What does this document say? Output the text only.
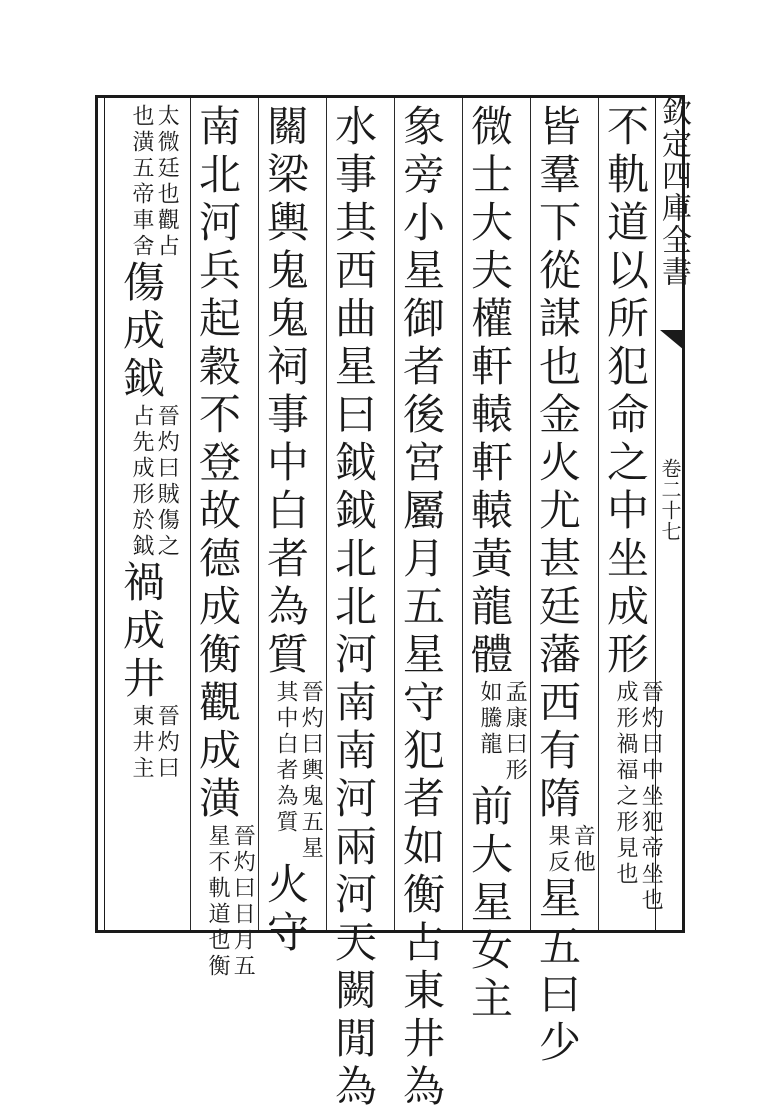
欽定四庫全書
卷二十七
不軌道以所犯命之中坐成形晉灼曰中坐犯帝坐也
成形禍福之形見也
皆羣下從謀也金火尤甚廷藩西有隋音他
果反星五曰少
微士大夫權軒轅軒轅黃龍體孟康曰形
如騰龍前大星女主
象旁小星御者後宮屬月五星守犯者如衡占東井為
水事其西曲星曰鉞鉞北北河南南河兩河天闕閒為
關梁輿鬼鬼祠事中白者為質晉灼曰輿鬼五星
其中白者為質火守
南北河兵起穀不登故德成衡觀成潢晉灼曰日月五
星不軌道也衡
太微廷也觀占
也潢五帝車舍傷成鉞晉灼曰賊傷之
占先成形於鉞禍成井晉灼曰
東井主
